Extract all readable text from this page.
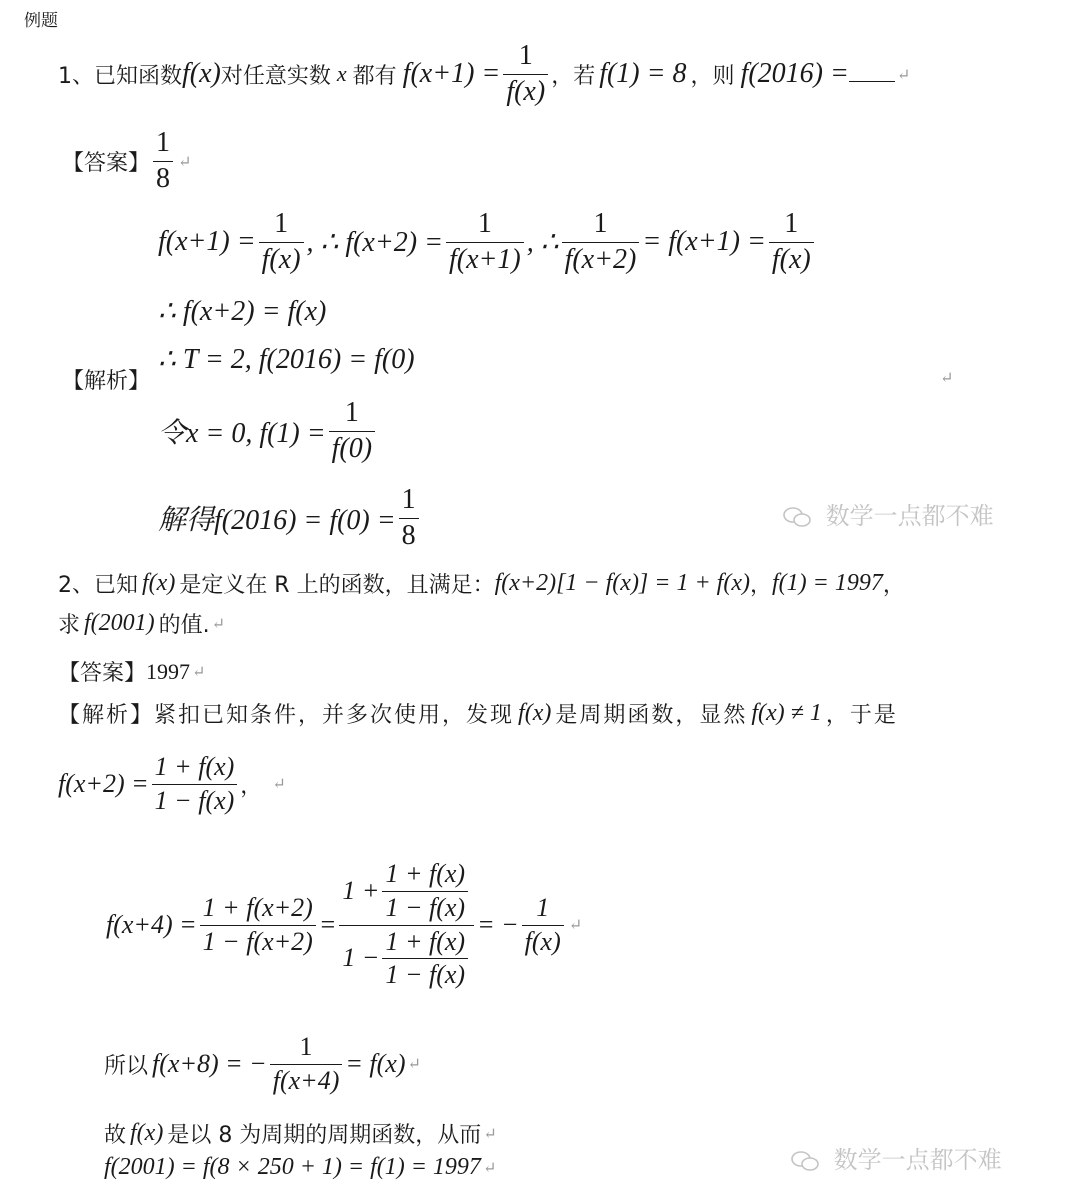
例题
1、 已知函数 f(x) 对任意实数 x 都有 $f(x+1) = \frac{1}{f(x)}$ ，若 f(1) = 8 ，则 f(2016) =	↵
【答案】 $\frac{1}{8}$ ↵
$f(x+1) = \frac{1}{f(x)}$ , ∴ $f(x+2) = \frac{1}{f(x+1)}$ , ∴ $\frac{1}{f(x+2)} = f(x+1) = \frac{1}{f(x)}$
∴ f(x+2) = f(x)
【解析】
∴ T = 2, f(2016) = f(0)
↵
令x = 0, $f(1) = \frac{1}{f(0)}$
解得$f(2016) = f(0) = \frac{1}{8}$	数学一点都不难
2、已知 f(x) 是定义在 R 上的函数，且满足： f(x+2)[1 − f(x)] = 1 + f(x) ， f(1) = 1997 ，
求 f(2001) 的值. ↵
【答案】 1997 ↵
【解析】 紧扣已知条件，并多次使用，发现 f(x) 是周期函数，显然 f(x) ≠ 1 ，于是
$f(x+2) = \frac{1 + f(x)}{1 - f(x)}$ ， ↵
$f(x+4) = \frac{1 + f(x+2)}{1 - f(x+2)} = \frac{1 + \frac{1 + f(x)}{1 - f(x)}}{1 - \frac{1 + f(x)}{1 - f(x)}}$ = − $\frac{1}{f(x)}$ ↵
所以 f(x+8) = − $\frac{1}{f(x+4)} = f(x)$ ↵
故 f(x) 是以 8 为周期的周期函数，从而 ↵
f(2001) = f(8 × 250 + 1) = f(1) = 1997 ↵	数学一点都不难
